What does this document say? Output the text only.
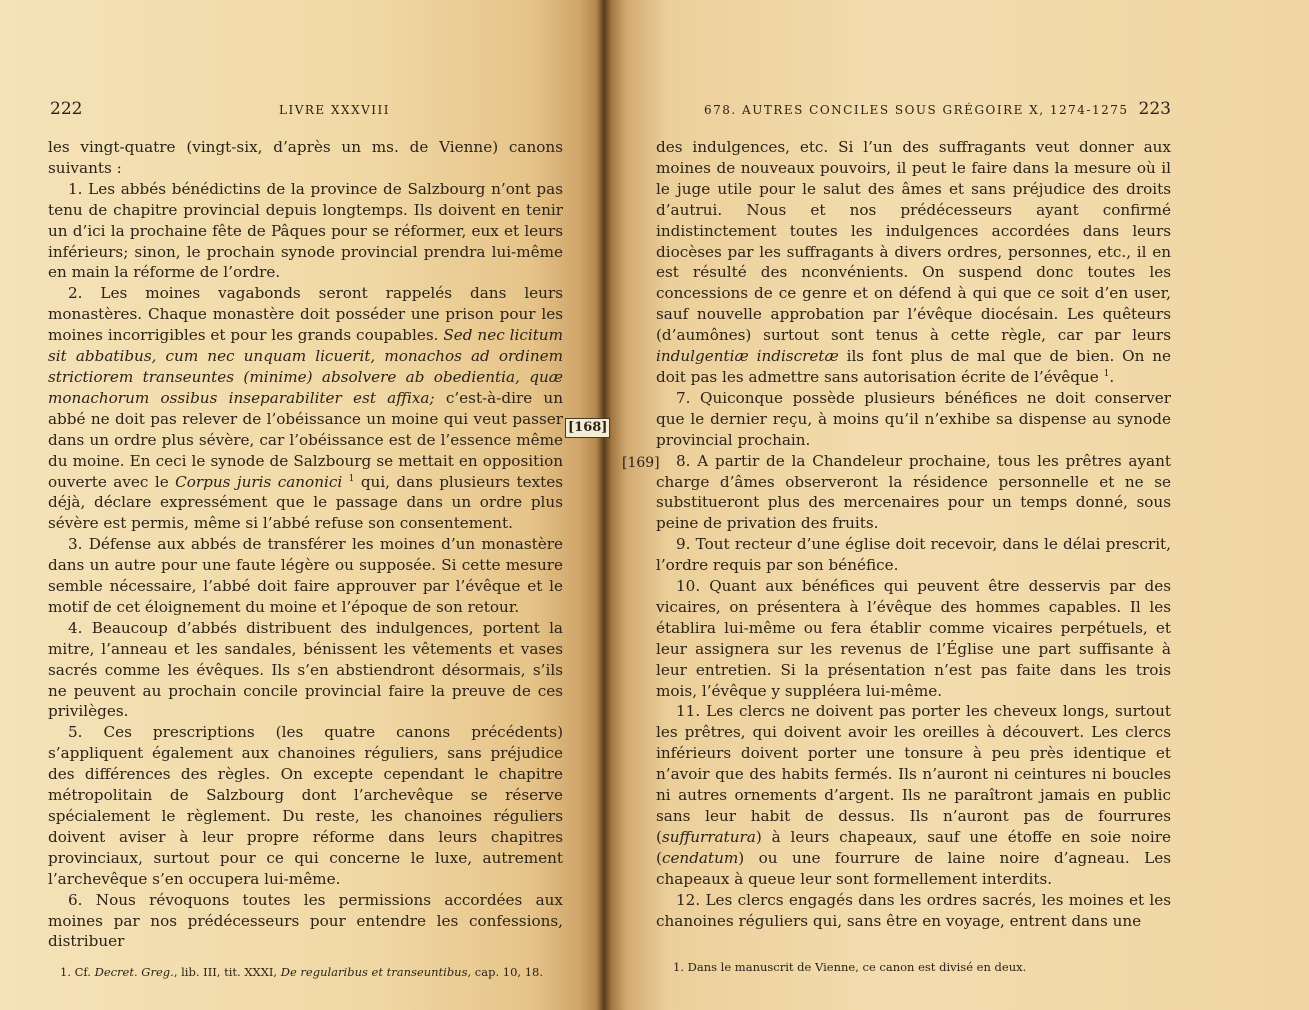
222	LIVRE XXXVIII

les vingt-quatre (vingt-six, d’après un ms. de Vienne) canons suivants :

1. Les abbés bénédictins de la province de Salzbourg n’ont pas tenu de chapitre provincial depuis longtemps. Ils doivent en tenir un d’ici la prochaine fête de Pâques pour se réformer, eux et leurs inférieurs; sinon, le prochain synode provincial prendra lui-même en main la réforme de l’ordre.

2. Les moines vagabonds seront rappelés dans leurs monastères. Chaque monastère doit posséder une prison pour les moines incorrigibles et pour les grands coupables. Sed nec licitum sit abbatibus, cum nec unquam licuerit, monachos ad ordinem strictiorem transeuntes (minime) absolvere ab obedientia, quæ monachorum ossibus inseparabiliter est affixa; c’est-à-dire un abbé ne doit pas relever de l’obéissance un moine qui veut passer dans un ordre plus sévère, car l’obéissance est de l’essence même du moine. En ceci le synode de Salzbourg se mettait en opposition ouverte avec le Corpus juris canonici $^1$ qui, dans plusieurs textes déjà, déclare expressément que le passage dans un ordre plus sévère est permis, même si l’abbé refuse son consentement.

3. Défense aux abbés de transférer les moines d’un monastère dans un autre pour une faute légère ou supposée. Si cette mesure semble nécessaire, l’abbé doit faire approuver par l’évêque et le motif de cet éloignement du moine et l’époque de son retour.

4. Beaucoup d’abbés distribuent des indulgences, portent la mitre, l’anneau et les sandales, bénissent les vêtements et vases sacrés comme les évêques. Ils s’en abstiendront désormais, s’ils ne peuvent au prochain concile provincial faire la preuve de ces privilèges.

5. Ces prescriptions (les quatre canons précédents) s’appliquent également aux chanoines réguliers, sans préjudice des différences des règles. On excepte cependant le chapitre métropolitain de Salzbourg dont l’archevêque se réserve spécialement le règlement. Du reste, les chanoines réguliers doivent aviser à leur propre réforme dans leurs chapitres provinciaux, surtout pour ce qui concerne le luxe, autrement l’archevêque s’en occupera lui-même.

6. Nous révoquons toutes les permissions accordées aux moines par nos prédécesseurs pour entendre les confessions, distribuer

1. Cf. Decret. Greg., lib. III, tit. XXXI, De regularibus et transeuntibus, cap. 10, 18.
678. AUTRES CONCILES SOUS GRÉGOIRE X, 1274-1275 223

des indulgences, etc. Si l’un des suffragants veut donner aux moines de nouveaux pouvoirs, il peut le faire dans la mesure où il le juge utile pour le salut des âmes et sans préjudice des droits d’autrui. Nous et nos prédécesseurs ayant confirmé indistinctement toutes les indulgences accordées dans leurs diocèses par les suffragants à divers ordres, personnes, etc., il en est résulté des nconvénients. On suspend donc toutes les concessions de ce genre et on défend à qui que ce soit d’en user, sauf nouvelle approbation par l’évêque diocésain. Les quêteurs (d’aumônes) surtout sont tenus à cette règle, car par leurs indulgentiæ indiscretæ ils font plus de mal que de bien. On ne doit pas les admettre sans autorisation écrite de l’évêque $^1$.

7. Quiconque possède plusieurs bénéfices ne doit conserver que le dernier reçu, à moins qu’il n’exhibe sa dispense au synode provincial prochain.

8. A partir de la Chandeleur prochaine, tous les prêtres ayant charge d’âmes observeront la résidence personnelle et ne se substitueront plus des mercenaires pour un temps donné, sous peine de privation des fruits.

9. Tout recteur d’une église doit recevoir, dans le délai prescrit, l’ordre requis par son bénéfice.

10. Quant aux bénéfices qui peuvent être desservis par des vicaires, on présentera à l’évêque des hommes capables. Il les établira lui-même ou fera établir comme vicaires perpétuels, et leur assignera sur les revenus de l’Église une part suffisante à leur entretien. Si la présentation n’est pas faite dans les trois mois, l’évêque y suppléera lui-même.

11. Les clercs ne doivent pas porter les cheveux longs, surtout les prêtres, qui doivent avoir les oreilles à découvert. Les clercs inférieurs doivent porter une tonsure à peu près identique et n’avoir que des habits fermés. Ils n’auront ni ceintures ni boucles ni autres ornements d’argent. Ils ne paraîtront jamais en public sans leur habit de dessus. Ils n’auront pas de fourrures (suffurratura) à leurs chapeaux, sauf une étoffe en soie noire (cendatum) ou une fourrure de laine noire d’agneau. Les chapeaux à queue leur sont formellement interdits.

12. Les clercs engagés dans les ordres sacrés, les moines et les chanoines réguliers qui, sans être en voyage, entrent dans une

1. Dans le manuscrit de Vienne, ce canon est divisé en deux.
[168]
[169]
